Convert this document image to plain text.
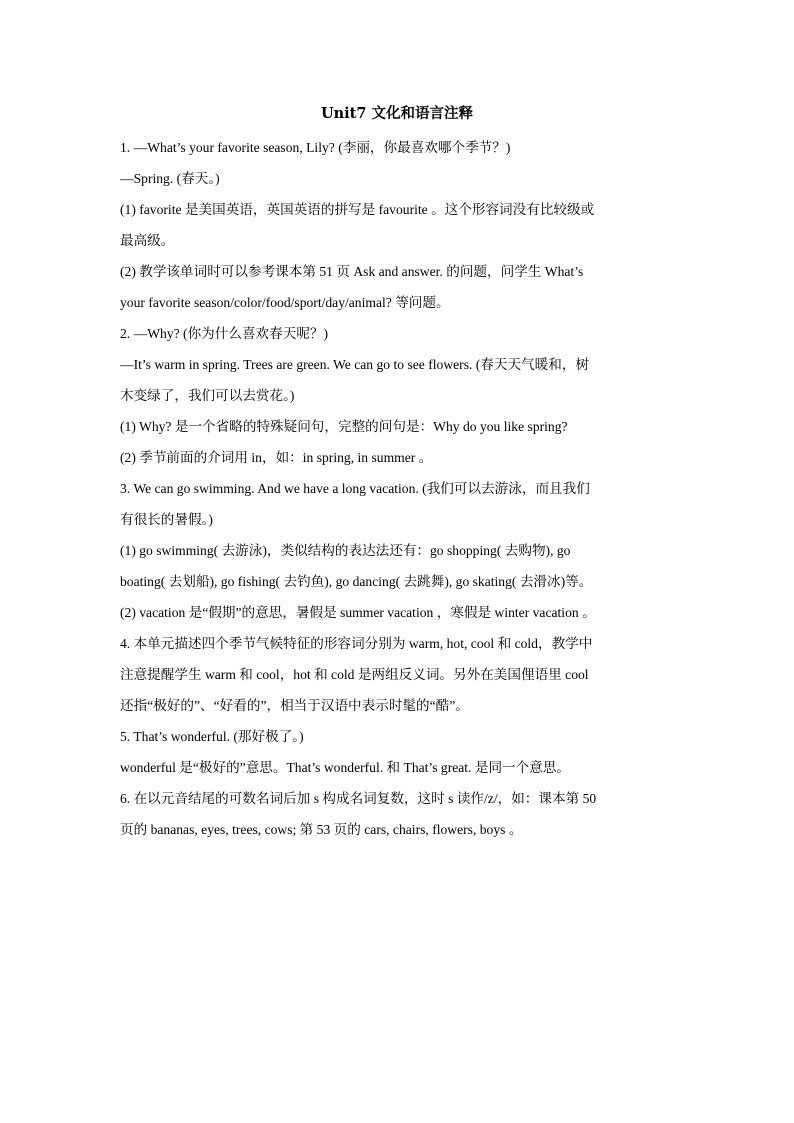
Unit7 文化和语言注释
1. —What’s your favorite season, Lily? (李丽，你最喜欢哪个季节？)
—Spring. (春天。)
(1) favorite 是美国英语，英国英语的拼写是 favourite 。这个形容词没有比较级或
最高级。
(2) 教学该单词时可以参考课本第 51 页 Ask and answer. 的问题，问学生 What’s
your favorite season/color/food/sport/day/animal? 等问题。
2. —Why? (你为什么喜欢春天呢？)
—It’s warm in spring. Trees are green. We can go to see flowers. (春天天气暖和，树
木变绿了，我们可以去赏花。)
(1) Why? 是一个省略的特殊疑问句，完整的问句是：Why do you like spring?
(2) 季节前面的介词用 in，如：in spring, in summer 。
3. We can go swimming. And we have a long vacation. (我们可以去游泳，而且我们
有很长的暑假。)
(1) go swimming( 去游泳)，类似结构的表达法还有：go shopping( 去购物), go
boating( 去划船), go fishing( 去钓鱼), go dancing( 去跳舞), go skating( 去滑冰)等。
(2) vacation 是“假期”的意思，暑假是 summer vacation ，寒假是 winter vacation 。
4. 本单元描述四个季节气候特征的形容词分别为 warm, hot, cool 和 cold，教学中
注意提醒学生 warm 和 cool，hot 和 cold 是两组反义词。另外在美国俚语里 cool
还指“极好的”、“好看的”，相当于汉语中表示时髦的“酷”。
5. That’s wonderful. (那好极了。)
wonderful 是“极好的”意思。That’s wonderful. 和 That’s great. 是同一个意思。
6. 在以元音结尾的可数名词后加 s 构成名词复数，这时 s 读作/z/，如：课本第 50
页的 bananas, eyes, trees, cows; 第 53 页的 cars, chairs, flowers, boys 。
